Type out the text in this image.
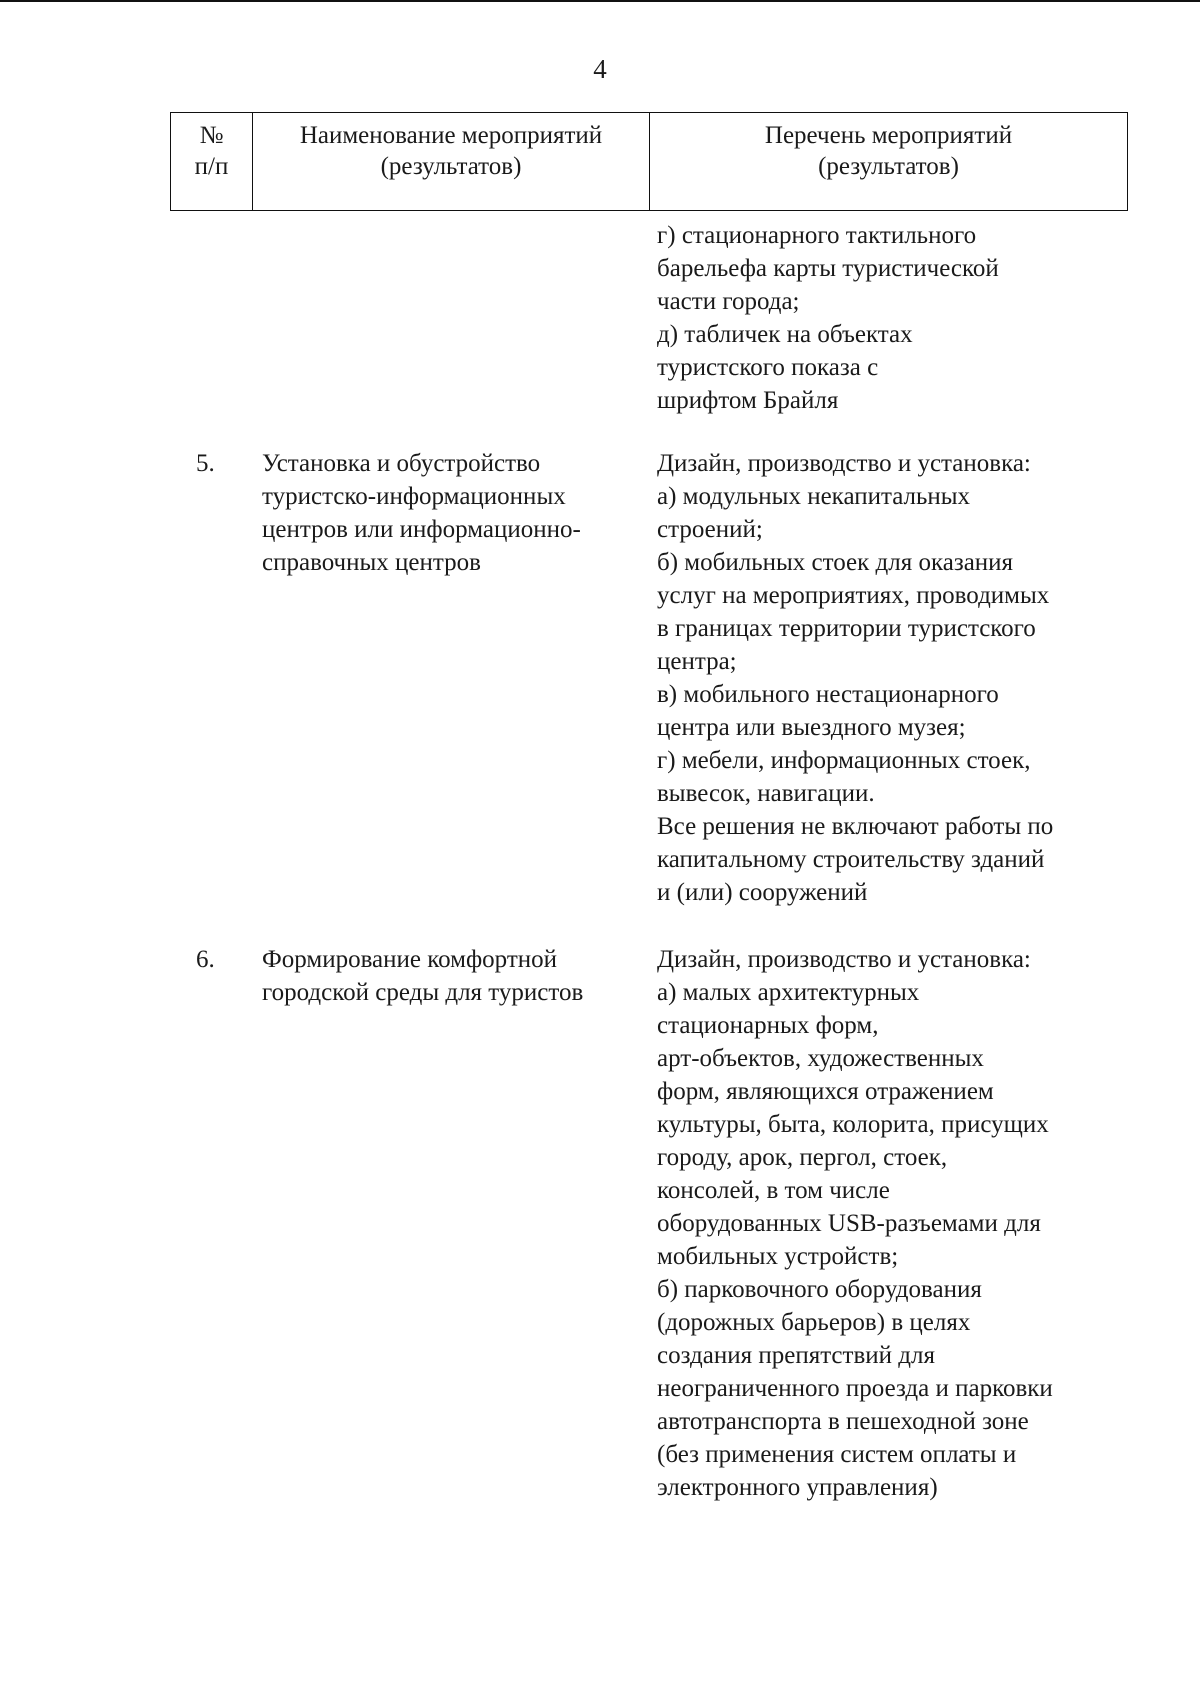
4
№
п/п
Наименование мероприятий
(результатов)
Перечень мероприятий
(результатов)
г) стационарного тактильного
барельефа карты туристической
части города;
д) табличек на объектах
туристского показа с
шрифтом Брайля
5. Установка и обустройство
туристско-информационных
центров или информационно-
справочных центров
Дизайн, производство и установка:
а) модульных некапитальных
строений;
б) мобильных стоек для оказания
услуг на мероприятиях, проводимых
в границах территории туристского
центра;
в) мобильного нестационарного
центра или выездного музея;
г) мебели, информационных стоек,
вывесок, навигации.
Все решения не включают работы по
капитальному строительству зданий
и (или) сооружений
6. Формирование комфортной
городской среды для туристов
Дизайн, производство и установка:
а) малых архитектурных
стационарных форм,
арт-объектов, художественных
форм, являющихся отражением
культуры, быта, колорита, присущих
городу, арок, пергол, стоек,
консолей, в том числе
оборудованных USB-разъемами для
мобильных устройств;
б) парковочного оборудования
(дорожных барьеров) в целях
создания препятствий для
неограниченного проезда и парковки
автотранспорта в пешеходной зоне
(без применения систем оплаты и
электронного управления)
